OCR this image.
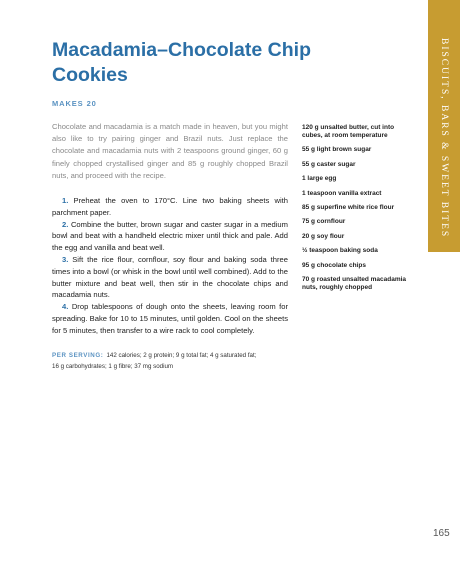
Macadamia–Chocolate Chip Cookies
MAKES 20

Chocolate and macadamia is a match made in heaven, but you might also like to try pairing ginger and Brazil nuts. Just replace the chocolate and macadamia nuts with 2 teaspoons ground ginger, 60 g finely chopped crystallised ginger and 85 g roughly chopped Brazil nuts, and proceed with the recipe.

1. Preheat the oven to 170°C. Line two baking sheets with parchment paper.
2. Combine the butter, brown sugar and caster sugar in a medium bowl and beat with a handheld electric mixer until thick and pale. Add the egg and vanilla and beat well.
3. Sift the rice flour, cornflour, soy flour and baking soda three times into a bowl (or whisk in the bowl until well combined). Add to the butter mixture and beat well, then stir in the chocolate chips and macadamia nuts.
4. Drop tablespoons of dough onto the sheets, leaving room for spreading. Bake for 10 to 15 minutes, until golden. Cool on the sheets for 5 minutes, then transfer to a wire rack to cool completely.
PER SERVING: 142 calories; 2 g protein; 9 g total fat; 4 g saturated fat;
16 g carbohydrates; 1 g fibre; 37 mg sodium
120 g unsalted butter, cut into cubes, at room temperature
55 g light brown sugar
55 g caster sugar
1 large egg
1 teaspoon vanilla extract
85 g superfine white rice flour
75 g cornflour
20 g soy flour
½ teaspoon baking soda
95 g chocolate chips
70 g roasted unsalted macadamia nuts, roughly chopped
BISCUITS, BARS & SWEET BITES
165
